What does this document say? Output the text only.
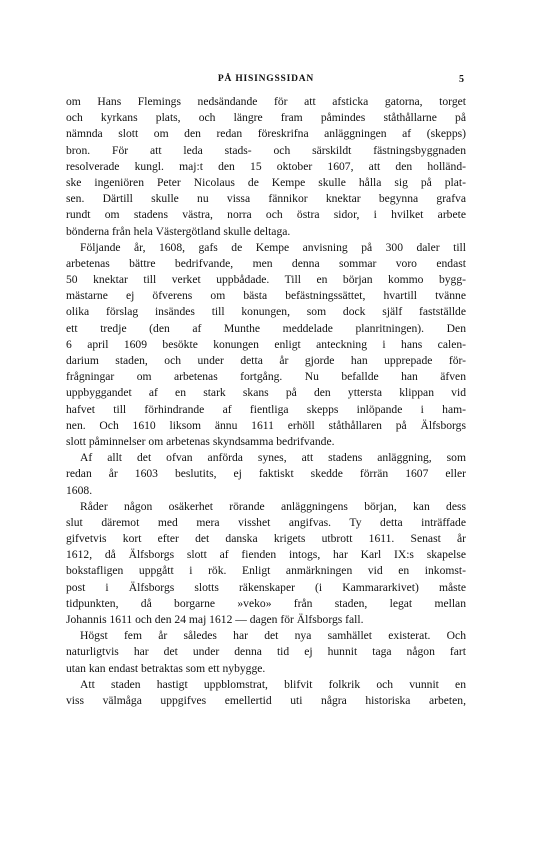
PÅ HISINGSSIDAN	5
om Hans Flemings nedsändande för att afsticka gatorna, torget
och kyrkans plats, och längre fram påmindes ståthållarne på
nämnda slott om den redan föreskrifna anläggningen af (skepps)
bron. För att leda stads- och särskildt fästningsbyggnaden
resolverade kungl. maj:t den 15 oktober 1607, att den holländ-
ske ingeniören Peter Nicolaus de Kempe skulle hålla sig på plat-
sen. Därtill skulle nu vissa fännikor knektar begynna grafva
rundt om stadens västra, norra och östra sidor, i hvilket arbete
bönderna från hela Västergötland skulle deltaga.
Följande år, 1608, gafs de Kempe anvisning på 300 daler till
arbetenas bättre bedrifvande, men denna sommar voro endast
50 knektar till verket uppbådade. Till en början kommo bygg-
mästarne ej öfverens om bästa befästningssättet, hvartill tvänne
olika förslag insändes till konungen, som dock själf fastställde
ett tredje (den af Munthe meddelade planritningen). Den
6 april 1609 besökte konungen enligt anteckning i hans calen-
darium staden, och under detta år gjorde han upprepade för-
frågningar om arbetenas fortgång. Nu befallde han äfven
uppbyggandet af en stark skans på den yttersta klippan vid
hafvet till förhindrande af fientliga skepps inlöpande i ham-
nen. Och 1610 liksom ännu 1611 erhöll ståthållaren på Älfsborgs
slott påminnelser om arbetenas skyndsamma bedrifvande.
Af allt det ofvan anförda synes, att stadens anläggning, som
redan år 1603 beslutits, ej faktiskt skedde förrän 1607 eller
1608.
Råder någon osäkerhet rörande anläggningens början, kan dess
slut däremot med mera visshet angifvas. Ty detta inträffade
gifvetvis kort efter det danska krigets utbrott 1611. Senast år
1612, då Älfsborgs slott af fienden intogs, har Karl IX:s skapelse
bokstafligen uppgått i rök. Enligt anmärkningen vid en inkomst-
post i Älfsborgs slotts räkenskaper (i Kammararkivet) måste
tidpunkten, då borgarne »veko» från staden, legat mellan
Johannis 1611 och den 24 maj 1612 — dagen för Älfsborgs fall.
Högst fem år således har det nya samhället existerat. Och
naturligtvis har det under denna tid ej hunnit taga någon fart
utan kan endast betraktas som ett nybygge.
Att staden hastigt uppblomstrat, blifvit folkrik och vunnit en
viss välmåga uppgifves emellertid uti några historiska arbeten,
